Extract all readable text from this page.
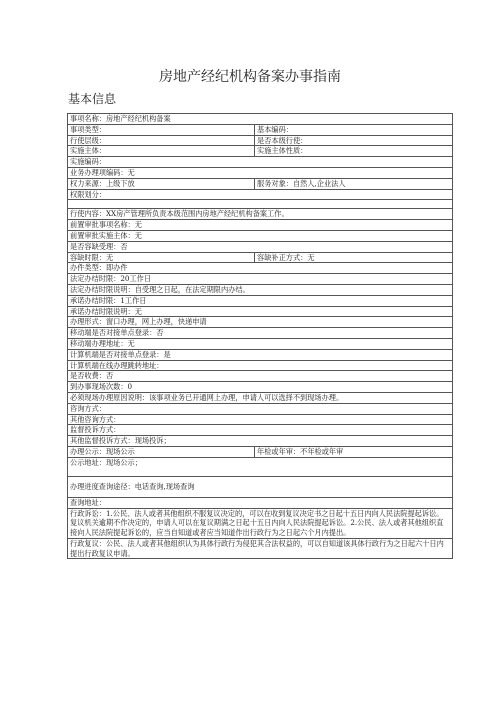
房地产经纪机构备案办事指南
基本信息
事项名称：房地产经纪机构备案	
事项类型：	基本编码：
行使层级：	是否本级行使：
实施主体：	实施主体性质：
实施编码：	
业务办理项编码：无	
权力来源：上级下放	服务对象：自然人,企业法人
权限划分：	

行使内容：XX房产管理所负责本级范围内房地产经纪机构备案工作。	
前置审批事项名称：无	
前置审批实施主体：无	
是否容缺受理：否	
容缺时限：无	容缺补正方式：无
办件类型：即办件	
法定办结时限：20工作日	
法定办结时限说明：自受理之日起，在法定期限内办结。	
承诺办结时限：1工作日	
承诺办结时限说明：无	
办理形式：窗口办理，网上办理，快递申请	
移动端是否对接单点登录：否	
移动端办理地址：无	
计算机端是否对接单点登录：是	
计算机端在线办理跳转地址：	
是否收费：否	
到办事现场次数：0	
必须现场办理原因说明：该事项业务已开通网上办理，申请人可以选择不到现场办理。	
咨询方式：	
其他咨询方式：	
监督投诉方式：	
其他监督投诉方式：现场投诉；	
办理公示：现场公示	年检或年审：不年检或年审
公示地址：现场公示；	
办理进度查询途径：电话查询,现场查询	
查询地址：	
行政诉讼：1.公民、法人或者其他组织不服复议决定的，可以在收到复议决定书之日起十五日内向人民法院提起诉讼。复议机关逾期不作决定的，申请人可以在复议期满之日起十五日内向人民法院提起诉讼。2.公民、法人或者其他组织直接向人民法院提起诉讼的，应当自知道或者应当知道作出行政行为之日起六个月内提出。	
行政复议：公民、法人或者其他组织认为具体行政行为侵犯其合法权益的，可以自知道该具体行政行为之日起六十日内提出行政复议申请。	
